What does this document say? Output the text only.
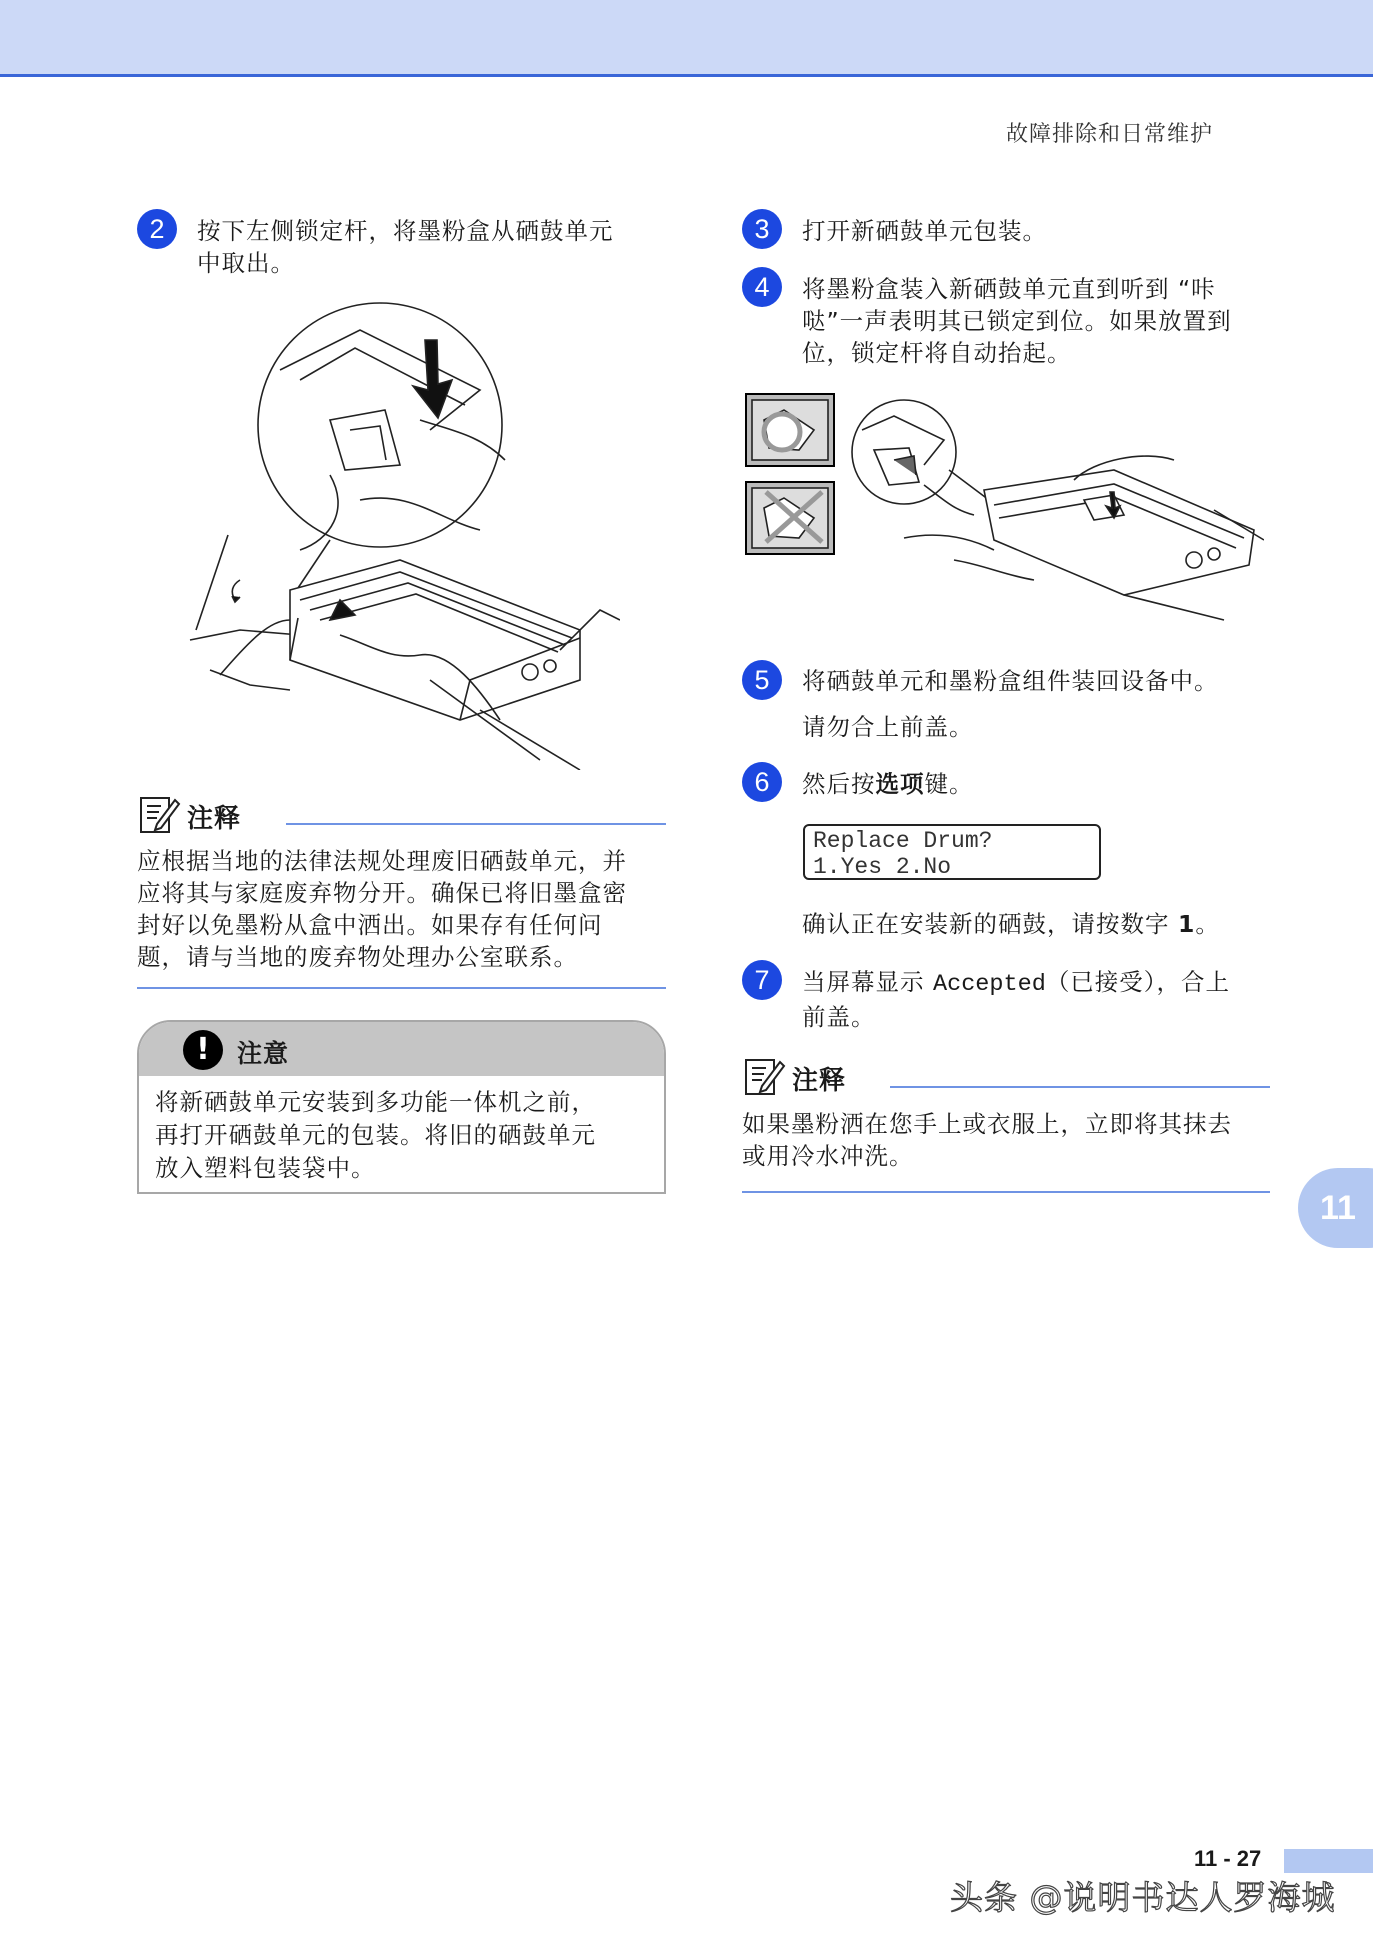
故障排除和日常维护
2	按下左侧锁定杆，将墨粉盒从硒鼓单元
中取出。
注释
应根据当地的法律法规处理废旧硒鼓单元，并
应将其与家庭废弃物分开。确保已将旧墨盒密
封好以免墨粉从盒中洒出。如果存有任何问
题，请与当地的废弃物处理办公室联系。
!	注意
将新硒鼓单元安装到多功能一体机之前，
再打开硒鼓单元的包装。将旧的硒鼓单元
放入塑料包装袋中。
3	打开新硒鼓单元包装。
4	将墨粉盒装入新硒鼓单元直到听到 “咔
哒”一声表明其已锁定到位。如果放置到
位，锁定杆将自动抬起。
5	将硒鼓单元和墨粉盒组件装回设备中。
请勿合上前盖。
6	然后按选项键。
Replace Drum?
1.Yes 2.No
确认正在安装新的硒鼓，请按数字 1。
7	当屏幕显示 Accepted（已接受），合上
前盖。
注释
如果墨粉洒在您手上或衣服上，立即将其抹去
或用冷水冲洗。
11
11 - 27
头条 @说明书达人罗海城
